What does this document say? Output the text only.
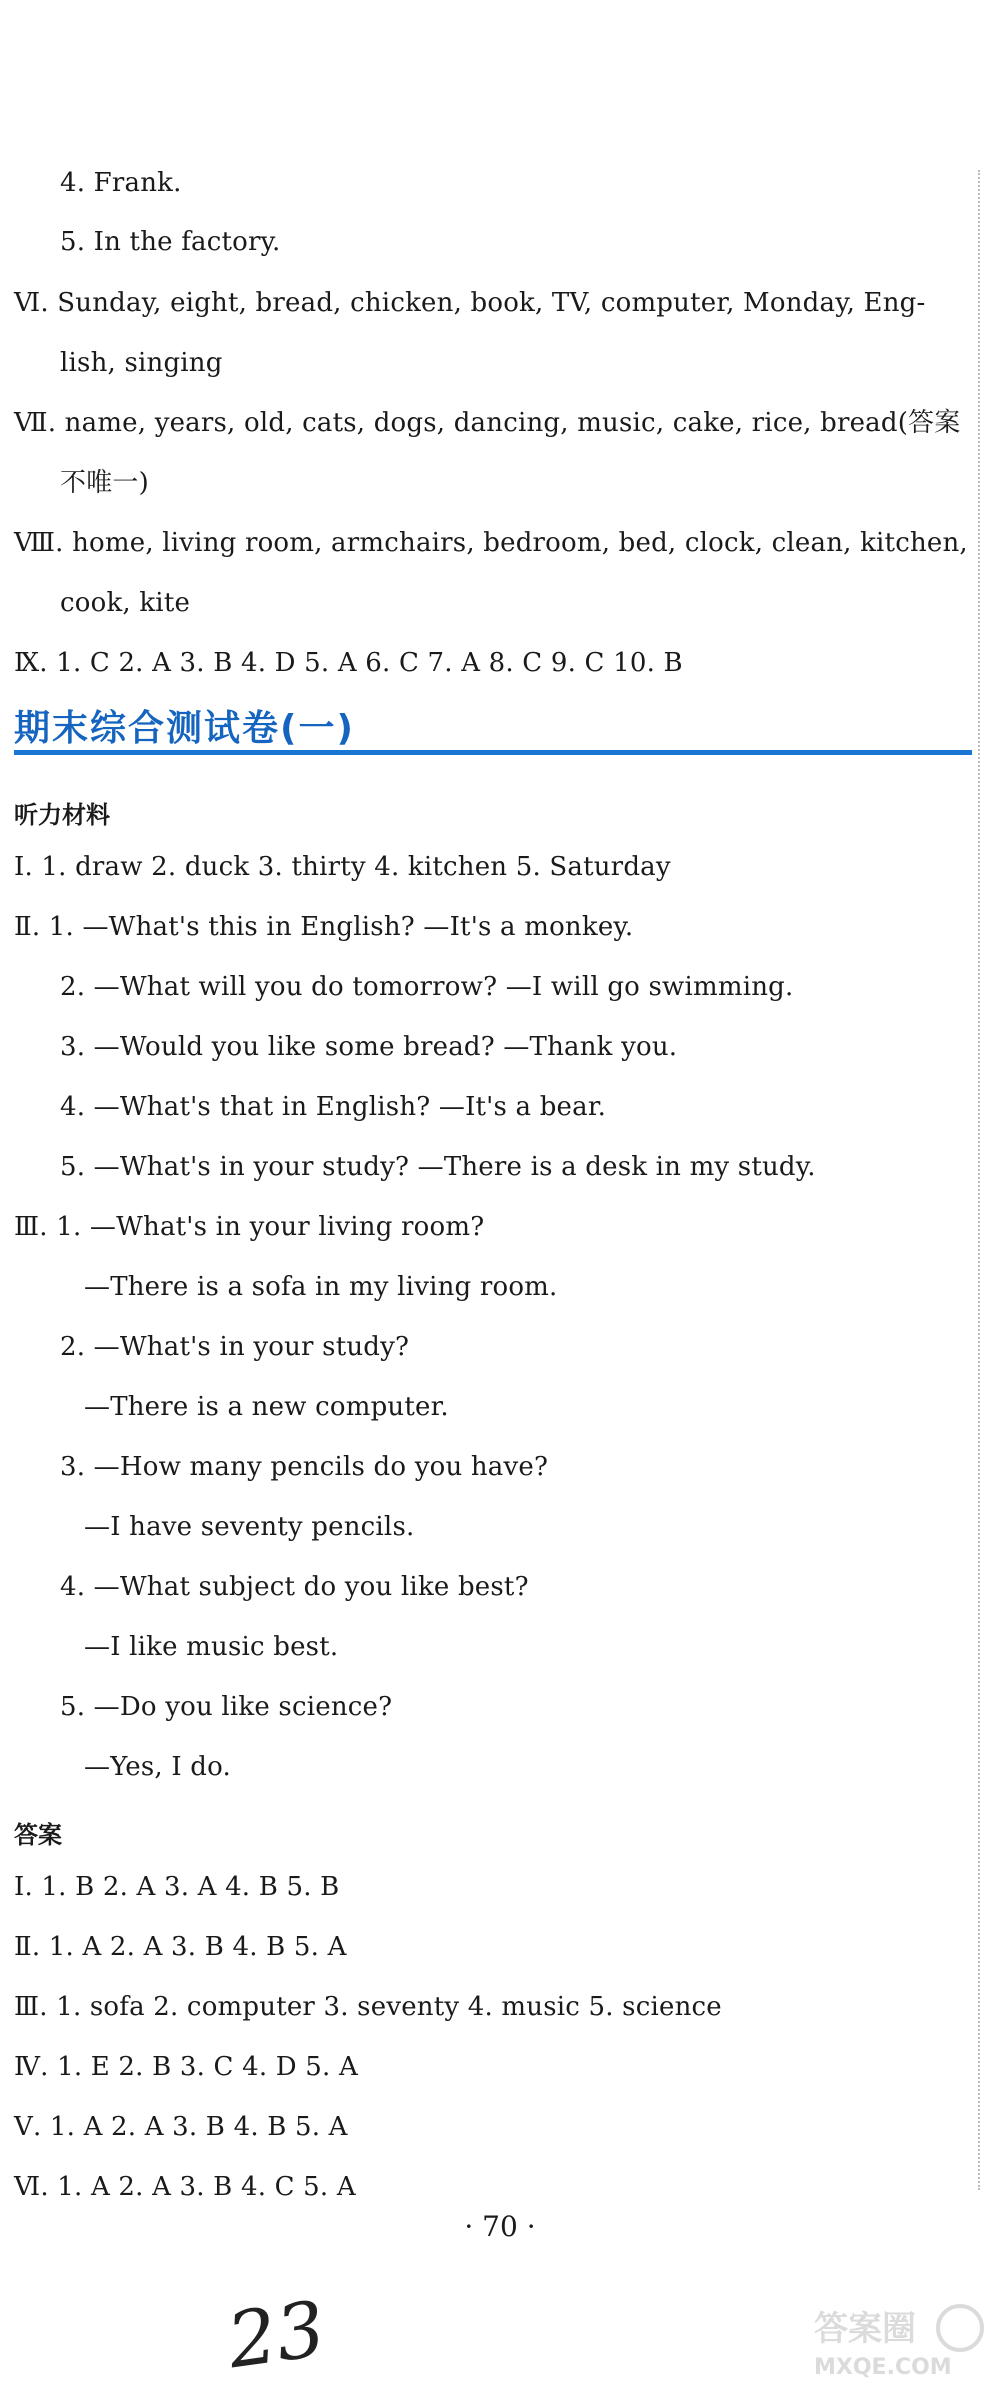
4. Frank.
5. In the factory.
Ⅵ. Sunday, eight, bread, chicken, book, TV, computer, Monday, Eng-
lish, singing
Ⅶ. name, years, old, cats, dogs, dancing, music, cake, rice, bread(答案
不唯一)
Ⅷ. home, living room, armchairs, bedroom, bed, clock, clean, kitchen,
cook, kite
Ⅸ. 1. C 2. A 3. B 4. D 5. A 6. C 7. A 8. C 9. C 10. B
期末综合测试卷(一)
听力材料
Ⅰ. 1. draw 2. duck 3. thirty 4. kitchen 5. Saturday
Ⅱ. 1. —What's this in English? —It's a monkey.
2. —What will you do tomorrow? —I will go swimming.
3. —Would you like some bread? —Thank you.
4. —What's that in English? —It's a bear.
5. —What's in your study? —There is a desk in my study.
Ⅲ. 1. —What's in your living room?
—There is a sofa in my living room.
2. —What's in your study?
—There is a new computer.
3. —How many pencils do you have?
—I have seventy pencils.
4. —What subject do you like best?
—I like music best.
5. —Do you like science?
—Yes, I do.
答案
Ⅰ. 1. B 2. A 3. A 4. B 5. B
Ⅱ. 1. A 2. A 3. B 4. B 5. A
Ⅲ. 1. sofa 2. computer 3. seventy 4. music 5. science
Ⅳ. 1. E 2. B 3. C 4. D 5. A
Ⅴ. 1. A 2. A 3. B 4. B 5. A
Ⅵ. 1. A 2. A 3. B 4. C 5. A
· 70 ·
23	答案圈
MXQE.COM
